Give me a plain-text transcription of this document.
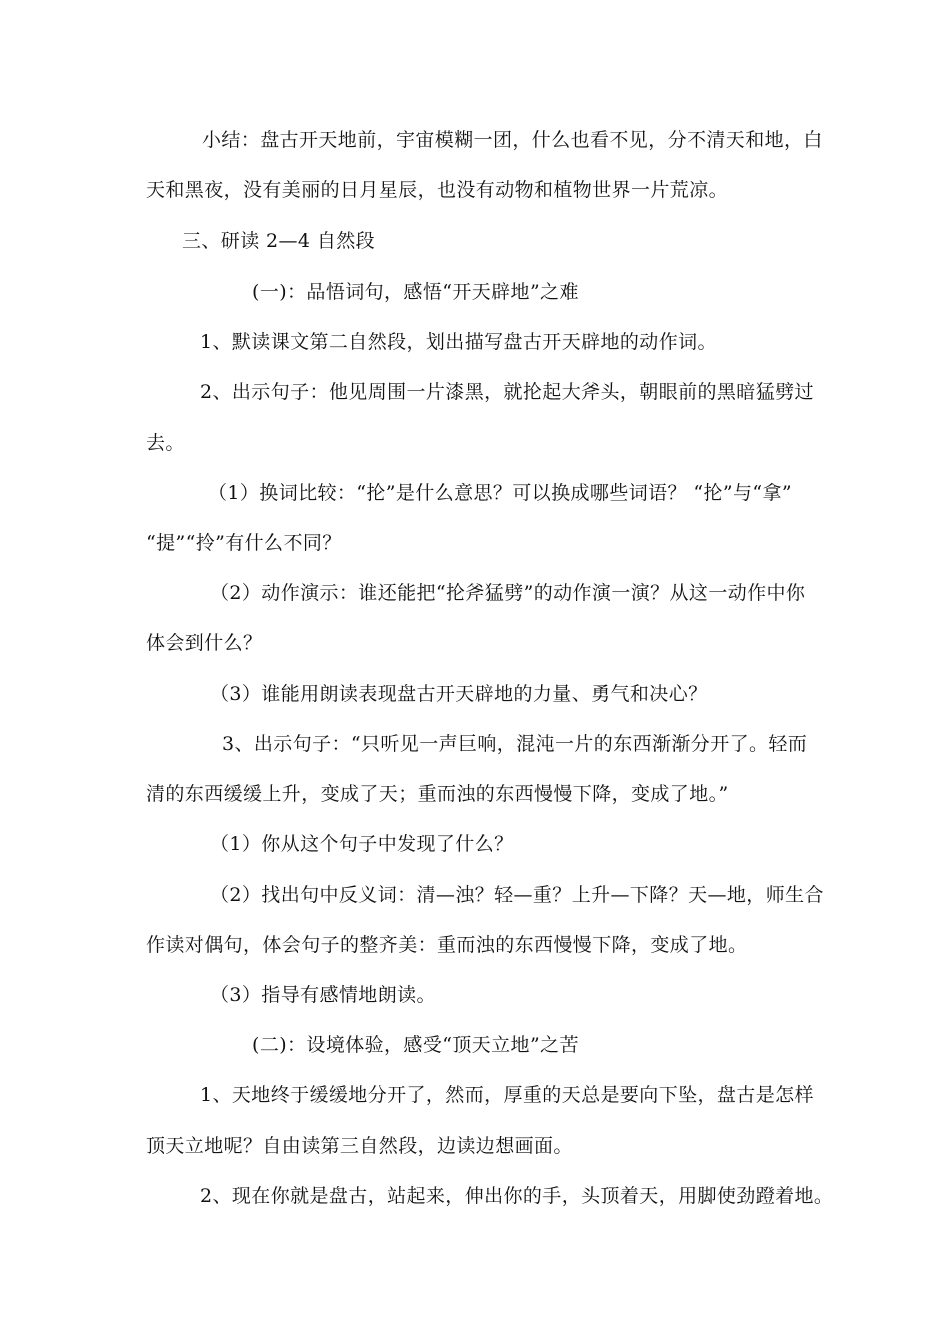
小结：盘古开天地前，宇宙模糊一团，什么也看不见，分不清天和地，白
天和黑夜，没有美丽的日月星辰，也没有动物和植物世界一片荒凉。
三、研读 2—4 自然段
(一)：品悟词句，感悟“开天辟地”之难
1、默读课文第二自然段，划出描写盘古开天辟地的动作词。
2、出示句子：他见周围一片漆黑，就抡起大斧头，朝眼前的黑暗猛劈过
去。
（1）换词比较：“抡”是什么意思？可以换成哪些词语？ “抡”与“拿”
“提”“拎”有什么不同？
（2）动作演示：谁还能把“抡斧猛劈”的动作演一演？从这一动作中你
体会到什么？
（3）谁能用朗读表现盘古开天辟地的力量、勇气和决心？
3、出示句子：“只听见一声巨响，混沌一片的东西渐渐分开了。轻而
清的东西缓缓上升，变成了天；重而浊的东西慢慢下降，变成了地。”
（1）你从这个句子中发现了什么？
（2）找出句中反义词：清—浊？轻—重？上升—下降？天—地，师生合
作读对偶句，体会句子的整齐美：重而浊的东西慢慢下降，变成了地。
（3）指导有感情地朗读。
(二)：设境体验，感受“顶天立地”之苦
1、天地终于缓缓地分开了，然而，厚重的天总是要向下坠，盘古是怎样
顶天立地呢？自由读第三自然段，边读边想画面。
2、现在你就是盘古，站起来，伸出你的手，头顶着天，用脚使劲蹬着地。
